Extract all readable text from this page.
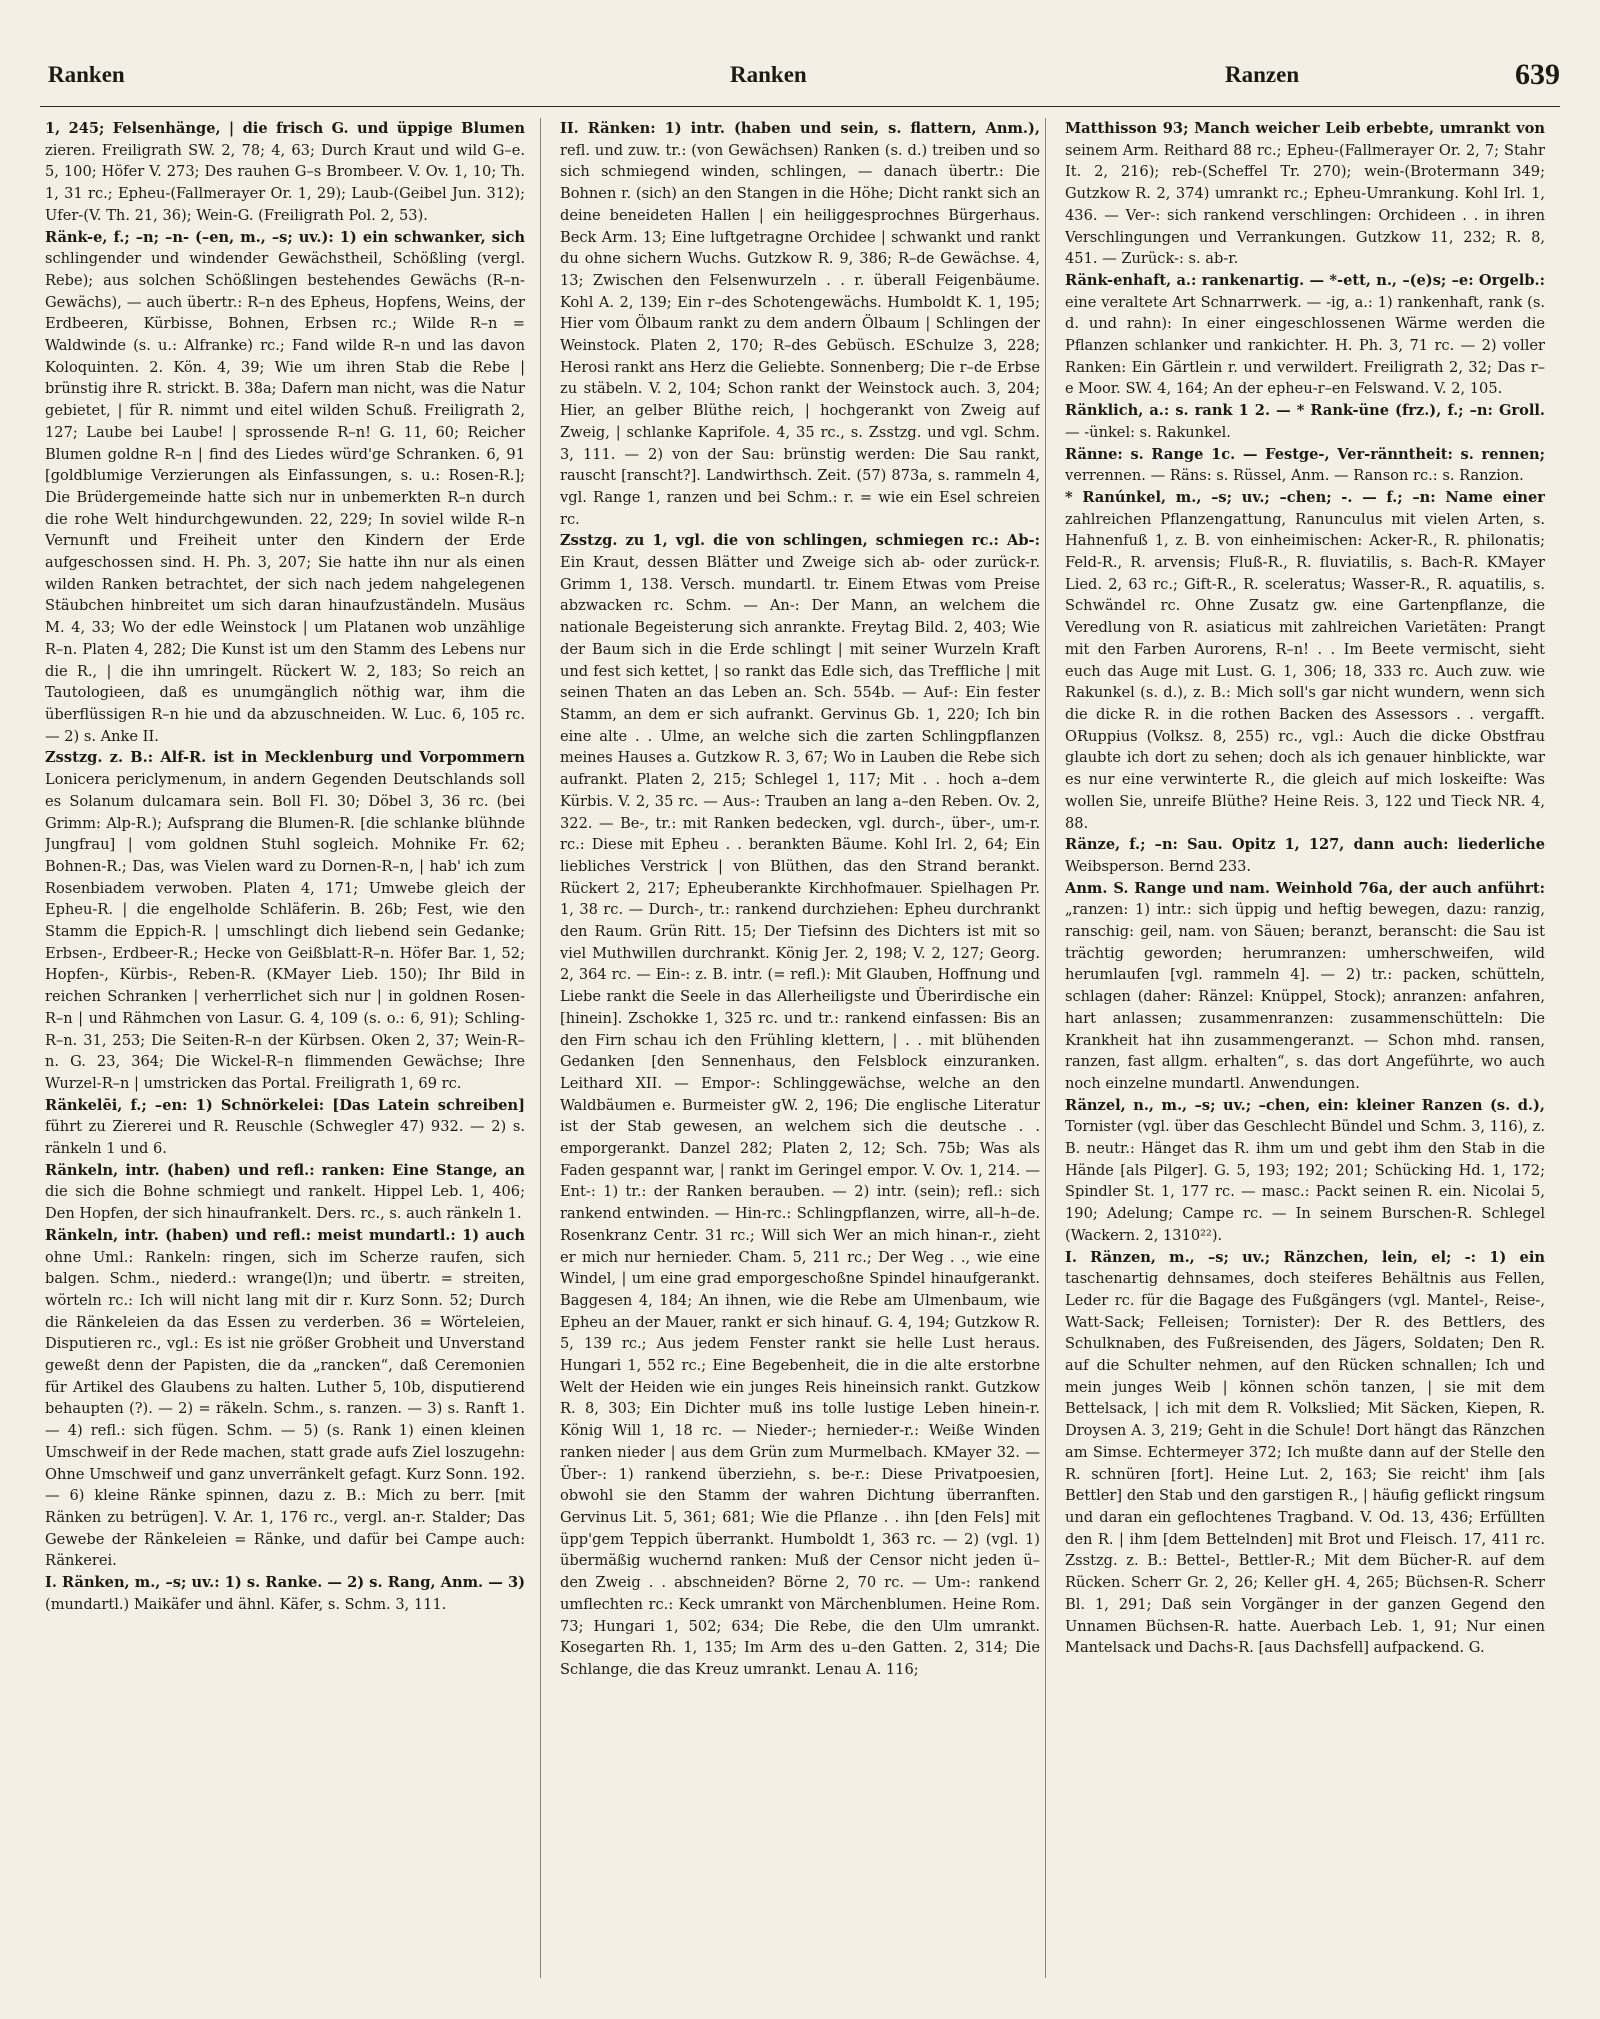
Ranken	Ranken	Ranzen	639

1, 245; Felsenhänge, | die frisch G. und üppige Blumen zieren. Freiligrath SW. 2, 78; 4, 63; Durch Kraut und wild G–e. 5, 100; Höfer V. 273; Des rauhen G–s Brombeer. V. Ov. 1, 10; Th. 1, 31 rc.; Epheu-(Fallmerayer Or. 1, 29); Laub-(Geibel Jun. 312); Ufer-(V. Th. 21, 36); Wein-G. (Freiligrath Pol. 2, 53).

Ränk-e, f.; –n; –n- (–en, m., –s; uv.): 1) ein schwanker, sich schlingender und windender Gewächstheil, Schößling (vergl. Rebe); aus solchen Schößlingen bestehendes Gewächs (R–n-Gewächs), — auch übertr.: R–n des Epheus, Hopfens, Weins, der Erdbeeren, Kürbisse, Bohnen, Erbsen rc.; Wilde R–n = Waldwinde (s. u.: Alfranke) rc.; Fand wilde R–n und las davon Koloquinten. 2. Kön. 4, 39; Wie um ihren Stab die Rebe | brünstig ihre R. strickt. B. 38a; Dafern man nicht, was die Natur gebietet, | für R. nimmt und eitel wilden Schuß. Freiligrath 2, 127; Laube bei Laube! | sprossende R–n! G. 11, 60; Reicher Blumen goldne R–n | find des Liedes würd'ge Schranken. 6, 91 [goldblumige Verzierungen als Einfassungen, s. u.: Rosen-R.]; Die Brüdergemeinde hatte sich nur in unbemerkten R–n durch die rohe Welt hindurchgewunden. 22, 229; In soviel wilde R–n Vernunft und Freiheit unter den Kindern der Erde aufgeschossen sind. H. Ph. 3, 207; Sie hatte ihn nur als einen wilden Ranken betrachtet, der sich nach jedem nahgelegenen Stäubchen hinbreitet um sich daran hinaufzuständeln. Musäus M. 4, 33; Wo der edle Weinstock | um Platanen wob unzählige R–n. Platen 4, 282; Die Kunst ist um den Stamm des Lebens nur die R., | die ihn umringelt. Rückert W. 2, 183; So reich an Tautologieen, daß es unumgänglich nöthig war, ihm die überflüssigen R–n hie und da abzuschneiden. W. Luc. 6, 105 rc. — 2) s. Anke II.

Zsstzg. z. B.: Alf-R. ist in Mecklenburg und Vorpommern Lonicera periclymenum, in andern Gegenden Deutschlands soll es Solanum dulcamara sein. Boll Fl. 30; Döbel 3, 36 rc. (bei Grimm: Alp-R.); Aufsprang die Blumen-R. [die schlanke blühnde Jungfrau] | vom goldnen Stuhl sogleich. Mohnike Fr. 62; Bohnen-R.; Das, was Vielen ward zu Dornen-R–n, | hab' ich zum Rosenbiadem verwoben. Platen 4, 171; Umwebe gleich der Epheu-R. | die engelholde Schläferin. B. 26b; Fest, wie den Stamm die Eppich-R. | umschlingt dich liebend sein Gedanke; Erbsen-, Erdbeer-R.; Hecke von Geißblatt-R–n. Höfer Bar. 1, 52; Hopfen-, Kürbis-, Reben-R. (KMayer Lieb. 150); Ihr Bild in reichen Schranken | verherrlichet sich nur | in goldnen Rosen-R–n | und Rähmchen von Lasur. G. 4, 109 (s. o.: 6, 91); Schling-R–n. 31, 253; Die Seiten-R–n der Kürbsen. Oken 2, 37; Wein-R–n. G. 23, 364; Die Wickel-R–n flimmenden Gewächse; Ihre Wurzel-R–n | umstricken das Portal. Freiligrath 1, 69 rc.

Ränkelēi, f.; –en: 1) Schnörkelei: [Das Latein schreiben] führt zu Ziererei und R. Reuschle (Schwegler 47) 932. — 2) s. ränkeln 1 und 6.

Ränkeln, intr. (haben) und refl.: ranken: Eine Stange, an die sich die Bohne schmiegt und rankelt. Hippel Leb. 1, 406; Den Hopfen, der sich hinaufrankelt. Ders. rc., s. auch ränkeln 1.

Ränkeln, intr. (haben) und refl.: meist mundartl.: 1) auch ohne Uml.: Rankeln: ringen, sich im Scherze raufen, sich balgen. Schm., niederd.: wrange(l)n; und übertr. = streiten, wörteln rc.: Ich will nicht lang mit dir r. Kurz Sonn. 52; Durch die Ränkeleien da das Essen zu verderben. 36 = Wörteleien, Disputieren rc., vgl.: Es ist nie größer Grobheit und Unverstand geweßt denn der Papisten, die da „rancken“, daß Ceremonien für Artikel des Glaubens zu halten. Luther 5, 10b, disputierend behaupten (?). — 2) = räkeln. Schm., s. ranzen. — 3) s. Ranft 1. — 4) refl.: sich fügen. Schm. — 5) (s. Rank 1) einen kleinen Umschweif in der Rede machen, statt grade aufs Ziel loszugehn: Ohne Umschweif und ganz unverränkelt gefagt. Kurz Sonn. 192. — 6) kleine Ränke spinnen, dazu z. B.: Mich zu berr. [mit Ränken zu betrügen]. V. Ar. 1, 176 rc., vergl. an-r. Stalder; Das Gewebe der Ränkeleien = Ränke, und dafür bei Campe auch: Ränkerei.

I. Ränken, m., –s; uv.: 1) s. Ranke. — 2) s. Rang, Anm. — 3) (mundartl.) Maikäfer und ähnl. Käfer, s. Schm. 3, 111.

II. Ränken: 1) intr. (haben und sein, s. flattern, Anm.), refl. und zuw. tr.: (von Gewächsen) Ranken (s. d.) treiben und so sich schmiegend winden, schlingen, — danach übertr.: Die Bohnen r. (sich) an den Stangen in die Höhe; Dicht rankt sich an deine beneideten Hallen | ein heiliggesprochnes Bürgerhaus. Beck Arm. 13; Eine luftgetragne Orchidee | schwankt und rankt du ohne sichern Wuchs. Gutzkow R. 9, 386; R–de Gewächse. 4, 13; Zwischen den Felsenwurzeln . . r. überall Feigenbäume. Kohl A. 2, 139; Ein r–des Schotengewächs. Humboldt K. 1, 195; Hier vom Ölbaum rankt zu dem andern Ölbaum | Schlingen der Weinstock. Platen 2, 170; R–des Gebüsch. ESchulze 3, 228; Herosi rankt ans Herz die Geliebte. Sonnenberg; Die r–de Erbse zu stäbeln. V. 2, 104; Schon rankt der Weinstock auch. 3, 204; Hier, an gelber Blüthe reich, | hochgerankt von Zweig auf Zweig, | schlanke Kaprifole. 4, 35 rc., s. Zsstzg. und vgl. Schm. 3, 111. — 2) von der Sau: brünstig werden: Die Sau rankt, rauscht [ranscht?]. Landwirthsch. Zeit. (57) 873a, s. rammeln 4, vgl. Range 1, ranzen und bei Schm.: r. = wie ein Esel schreien rc.

Zsstzg. zu 1, vgl. die von schlingen, schmiegen rc.: Ab-: Ein Kraut, dessen Blätter und Zweige sich ab- oder zurück-r. Grimm 1, 138. Versch. mundartl. tr. Einem Etwas vom Preise abzwacken rc. Schm. — An-: Der Mann, an welchem die nationale Begeisterung sich anrankte. Freytag Bild. 2, 403; Wie der Baum sich in die Erde schlingt | mit seiner Wurzeln Kraft und fest sich kettet, | so rankt das Edle sich, das Treffliche | mit seinen Thaten an das Leben an. Sch. 554b. — Auf-: Ein fester Stamm, an dem er sich aufrankt. Gervinus Gb. 1, 220; Ich bin eine alte . . Ulme, an welche sich die zarten Schlingpflanzen meines Hauses a. Gutzkow R. 3, 67; Wo in Lauben die Rebe sich aufrankt. Platen 2, 215; Schlegel 1, 117; Mit . . hoch a–dem Kürbis. V. 2, 35 rc. — Aus-: Trauben an lang a–den Reben. Ov. 2, 322. — Be-, tr.: mit Ranken bedecken, vgl. durch-, über-, um-r. rc.: Diese mit Epheu . . berankten Bäume. Kohl Irl. 2, 64; Ein liebliches Verstrick | von Blüthen, das den Strand berankt. Rückert 2, 217; Epheuberankte Kirchhofmauer. Spielhagen Pr. 1, 38 rc. — Durch-, tr.: rankend durchziehen: Epheu durchrankt den Raum. Grün Ritt. 15; Der Tiefsinn des Dichters ist mit so viel Muthwillen durchrankt. König Jer. 2, 198; V. 2, 127; Georg. 2, 364 rc. — Ein-: z. B. intr. (= refl.): Mit Glauben, Hoffnung und Liebe rankt die Seele in das Allerheiligste und Überirdische ein [hinein]. Zschokke 1, 325 rc. und tr.: rankend einfassen: Bis an den Firn schau ich den Frühling klettern, | . . mit blühenden Gedanken [den Sennenhaus, den Felsblock einzuranken. Leithard XII. — Empor-: Schlinggewächse, welche an den Waldbäumen e. Burmeister gW. 2, 196; Die englische Literatur ist der Stab gewesen, an welchem sich die deutsche . . emporgerankt. Danzel 282; Platen 2, 12; Sch. 75b; Was als Faden gespannt war, | rankt im Geringel empor. V. Ov. 1, 214. — Ent-: 1) tr.: der Ranken berauben. — 2) intr. (sein); refl.: sich rankend entwinden. — Hin-rc.: Schlingpflanzen, wirre, all–h–de. Rosenkranz Centr. 31 rc.; Will sich Wer an mich hinan-r., zieht er mich nur hernieder. Cham. 5, 211 rc.; Der Weg . ., wie eine Windel, | um eine grad emporgeschoßne Spindel hinaufgerankt. Baggesen 4, 184; An ihnen, wie die Rebe am Ulmenbaum, wie Epheu an der Mauer, rankt er sich hinauf. G. 4, 194; Gutzkow R. 5, 139 rc.; Aus jedem Fenster rankt sie helle Lust heraus. Hungari 1, 552 rc.; Eine Begebenheit, die in die alte erstorbne Welt der Heiden wie ein junges Reis hineinsich rankt. Gutzkow R. 8, 303; Ein Dichter muß ins tolle lustige Leben hinein-r. König Will 1, 18 rc. — Nieder-; hernieder-r.: Weiße Winden ranken nieder | aus dem Grün zum Murmelbach. KMayer 32. — Über-: 1) rankend überziehn, s. be-r.: Diese Privatpoesien, obwohl sie den Stamm der wahren Dichtung überranften. Gervinus Lit. 5, 361; 681; Wie die Pflanze . . ihn [den Fels] mit üpp'gem Teppich überrankt. Humboldt 1, 363 rc. — 2) (vgl. 1) übermäßig wuchernd ranken: Muß der Censor nicht jeden ü–den Zweig . . abschneiden? Börne 2, 70 rc. — Um-: rankend umflechten rc.: Keck umrankt von Märchenblumen. Heine Rom. 73; Hungari 1, 502; 634; Die Rebe, die den Ulm umrankt. Kosegarten Rh. 1, 135; Im Arm des u–den Gatten. 2, 314; Die Schlange, die das Kreuz umrankt. Lenau A. 116;

Matthisson 93; Manch weicher Leib erbebte, umrankt von seinem Arm. Reithard 88 rc.; Epheu-(Fallmerayer Or. 2, 7; Stahr It. 2, 216); reb-(Scheffel Tr. 270); wein-(Brotermann 349; Gutzkow R. 2, 374) umrankt rc.; Epheu-Umrankung. Kohl Irl. 1, 436. — Ver-: sich rankend verschlingen: Orchideen . . in ihren Verschlingungen und Verrankungen. Gutzkow 11, 232; R. 8, 451. — Zurück-: s. ab-r.

Ränk-enhaft, a.: rankenartig. — *-ett, n., –(e)s; –e: Orgelb.: eine veraltete Art Schnarrwerk. — -ig, a.: 1) rankenhaft, rank (s. d. und rahn): In einer eingeschlossenen Wärme werden die Pflanzen schlanker und rankichter. H. Ph. 3, 71 rc. — 2) voller Ranken: Ein Gärtlein r. und verwildert. Freiligrath 2, 32; Das r–e Moor. SW. 4, 164; An der epheu-r–en Felswand. V. 2, 105.

Ränklich, a.: s. rank 1 2. — * Rank-üne (frz.), f.; –n: Groll. — -ünkel: s. Rakunkel.

Ränne: s. Range 1c. — Festge-, Ver-ränntheit: s. rennen; verrennen. — Räns: s. Rüssel, Anm. — Ranson rc.: s. Ranzion.

* Ranúnkel, m., –s; uv.; –chen; -. — f.; –n: Name einer zahlreichen Pflanzengattung, Ranunculus mit vielen Arten, s. Hahnenfuß 1, z. B. von einheimischen: Acker-R., R. philonatis; Feld-R., R. arvensis; Fluß-R., R. fluviatilis, s. Bach-R. KMayer Lied. 2, 63 rc.; Gift-R., R. sceleratus; Wasser-R., R. aquatilis, s. Schwändel rc. Ohne Zusatz gw. eine Gartenpflanze, die Veredlung von R. asiaticus mit zahlreichen Varietäten: Prangt mit den Farben Aurorens, R–n! . . Im Beete vermischt, sieht euch das Auge mit Lust. G. 1, 306; 18, 333 rc. Auch zuw. wie Rakunkel (s. d.), z. B.: Mich soll's gar nicht wundern, wenn sich die dicke R. in die rothen Backen des Assessors . . vergafft. ORuppius (Volksz. 8, 255) rc., vgl.: Auch die dicke Obstfrau glaubte ich dort zu sehen; doch als ich genauer hinblickte, war es nur eine verwinterte R., die gleich auf mich loskeifte: Was wollen Sie, unreife Blüthe? Heine Reis. 3, 122 und Tieck NR. 4, 88.

Ränze, f.; –n: Sau. Opitz 1, 127, dann auch: liederliche Weibsperson. Bernd 233.

Anm. S. Range und nam. Weinhold 76a, der auch anführt: „ranzen: 1) intr.: sich üppig und heftig bewegen, dazu: ranzig, ranschig: geil, nam. von Säuen; beranzt, beranscht: die Sau ist trächtig geworden; herumranzen: umherschweifen, wild herumlaufen [vgl. rammeln 4]. — 2) tr.: packen, schütteln, schlagen (daher: Ränzel: Knüppel, Stock); anranzen: anfahren, hart anlassen; zusammenranzen: zusammenschütteln: Die Krankheit hat ihn zusammengeranzt. — Schon mhd. ransen, ranzen, fast allgm. erhalten“, s. das dort Angeführte, wo auch noch einzelne mundartl. Anwendungen.

Ränzel, n., m., –s; uv.; –chen, ein: kleiner Ranzen (s. d.), Tornister (vgl. über das Geschlecht Bündel und Schm. 3, 116), z. B. neutr.: Hänget das R. ihm um und gebt ihm den Stab in die Hände [als Pilger]. G. 5, 193; 192; 201; Schücking Hd. 1, 172; Spindler St. 1, 177 rc. — masc.: Packt seinen R. ein. Nicolai 5, 190; Adelung; Campe rc. — In seinem Burschen-R. Schlegel (Wackern. 2, 1310²²).

I. Ränzen, m., –s; uv.; Ränzchen, lein, el; -: 1) ein taschenartig dehnsames, doch steiferes Behältnis aus Fellen, Leder rc. für die Bagage des Fußgängers (vgl. Mantel-, Reise-, Watt-Sack; Felleisen; Tornister): Der R. des Bettlers, des Schulknaben, des Fußreisenden, des Jägers, Soldaten; Den R. auf die Schulter nehmen, auf den Rücken schnallen; Ich und mein junges Weib | können schön tanzen, | sie mit dem Bettelsack, | ich mit dem R. Volkslied; Mit Säcken, Kiepen, R. Droysen A. 3, 219; Geht in die Schule! Dort hängt das Ränzchen am Simse. Echtermeyer 372; Ich mußte dann auf der Stelle den R. schnüren [fort]. Heine Lut. 2, 163; Sie reicht' ihm [als Bettler] den Stab und den garstigen R., | häufig geflickt ringsum und daran ein geflochtenes Tragband. V. Od. 13, 436; Erfüllten den R. | ihm [dem Bettelnden] mit Brot und Fleisch. 17, 411 rc. Zsstzg. z. B.: Bettel-, Bettler-R.; Mit dem Bücher-R. auf dem Rücken. Scherr Gr. 2, 26; Keller gH. 4, 265; Büchsen-R. Scherr Bl. 1, 291; Daß sein Vorgänger in der ganzen Gegend den Unnamen Büchsen-R. hatte. Auerbach Leb. 1, 91; Nur einen Mantelsack und Dachs-R. [aus Dachsfell] aufpackend. G.
